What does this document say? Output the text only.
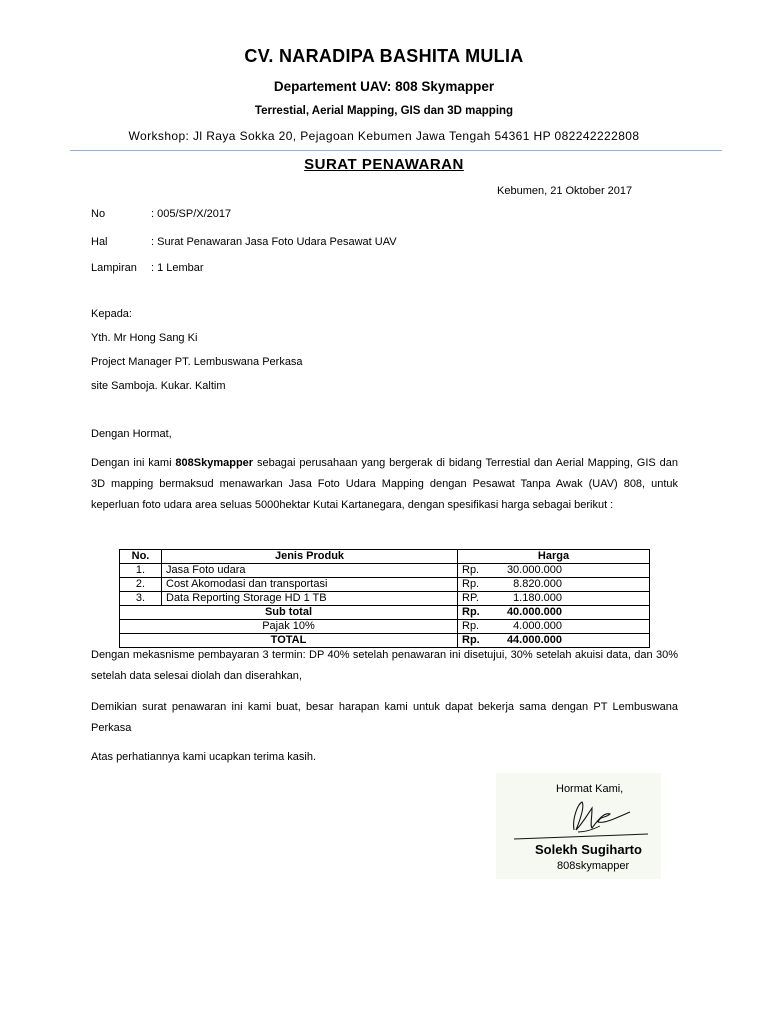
CV. NARADIPA BASHITA MULIA
Departement UAV: 808 Skymapper
Terrestial, Aerial Mapping, GIS dan 3D mapping
Workshop: Jl Raya Sokka 20, Pejagoan Kebumen Jawa Tengah 54361 HP 082242222808
SURAT PENAWARAN
Kebumen, 21 Oktober 2017
No	: 005/SP/X/2017
Hal	: Surat Penawaran Jasa Foto Udara Pesawat UAV
Lampiran : 1 Lembar
Kepada:
Yth. Mr Hong Sang Ki
Project Manager PT. Lembuswana Perkasa
site Samboja. Kukar. Kaltim
Dengan Hormat,
Dengan ini kami 808Skymapper sebagai perusahaan yang bergerak di bidang Terrestial dan Aerial Mapping, GIS dan 3D mapping bermaksud menawarkan Jasa Foto Udara Mapping dengan Pesawat Tanpa Awak (UAV) 808, untuk keperluan foto udara area seluas 5000hektar Kutai Kartanegara, dengan spesifikasi harga sebagai berikut :
No.	Jenis Produk	Harga
1.	Jasa Foto udara	Rp. 30.000.000
2.	Cost Akomodasi dan transportasi	Rp. 8.820.000
3.	Data Reporting Storage HD 1 TB	RP. 1.180.000
Sub total		Rp. 40.000.000
Pajak 10%		Rp. 4.000.000
TOTAL		Rp. 44.000.000
Dengan mekasnisme pembayaran 3 termin: DP 40% setelah penawaran ini disetujui, 30% setelah akuisi data, dan 30% setelah data selesai diolah dan diserahkan,
Demikian surat penawaran ini kami buat, besar harapan kami untuk dapat bekerja sama dengan PT Lembuswana Perkasa
Atas perhatiannya kami ucapkan terima kasih.
Hormat Kami,
Solekh Sugiharto
808skymapper
